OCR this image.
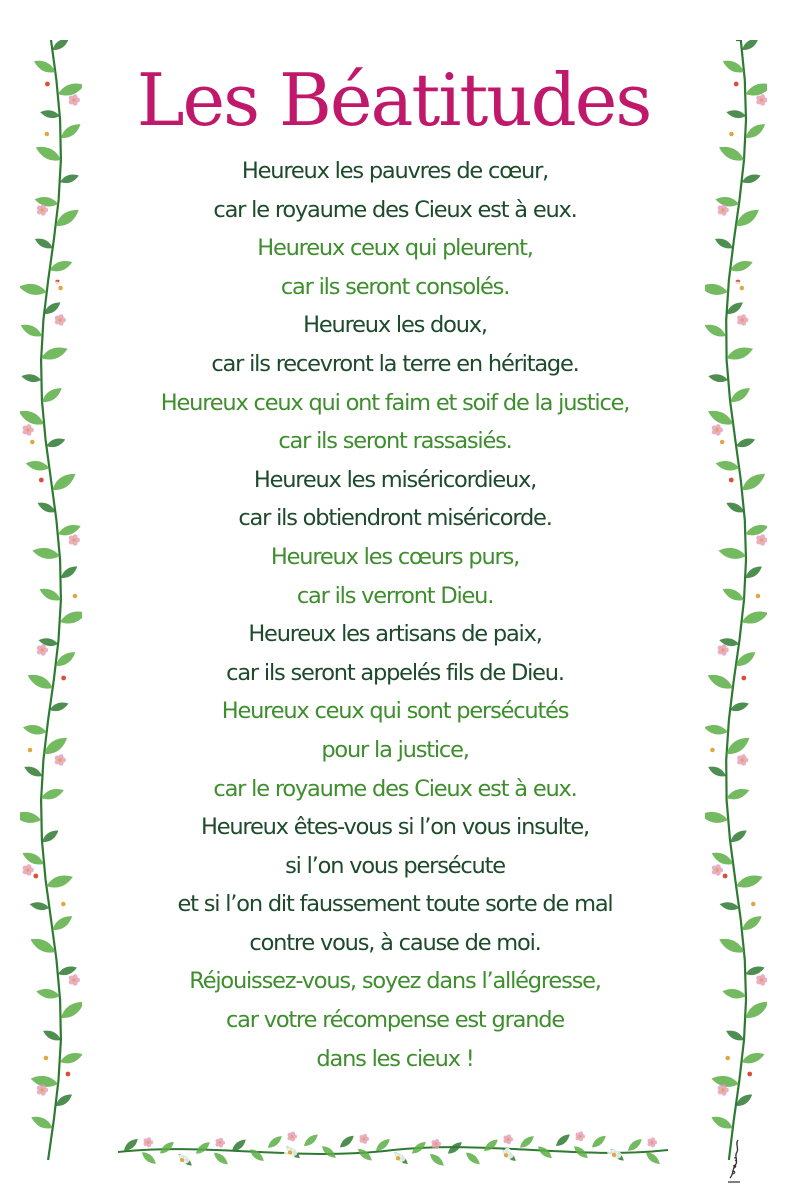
Les Béatitudes
Heureux les pauvres de cœur,
car le royaume des Cieux est à eux.
Heureux ceux qui pleurent,
car ils seront consolés.
Heureux les doux,
car ils recevront la terre en héritage.
Heureux ceux qui ont faim et soif de la justice,
car ils seront rassasiés.
Heureux les miséricordieux,
car ils obtiendront miséricorde.
Heureux les cœurs purs,
car ils verront Dieu.
Heureux les artisans de paix,
car ils seront appelés fils de Dieu.
Heureux ceux qui sont persécutés
pour la justice,
car le royaume des Cieux est à eux.
Heureux êtes-vous si l’on vous insulte,
si l’on vous persécute
et si l’on dit faussement toute sorte de mal
contre vous, à cause de moi.
Réjouissez-vous, soyez dans l’allégresse,
car votre récompense est grande
dans les cieux !
